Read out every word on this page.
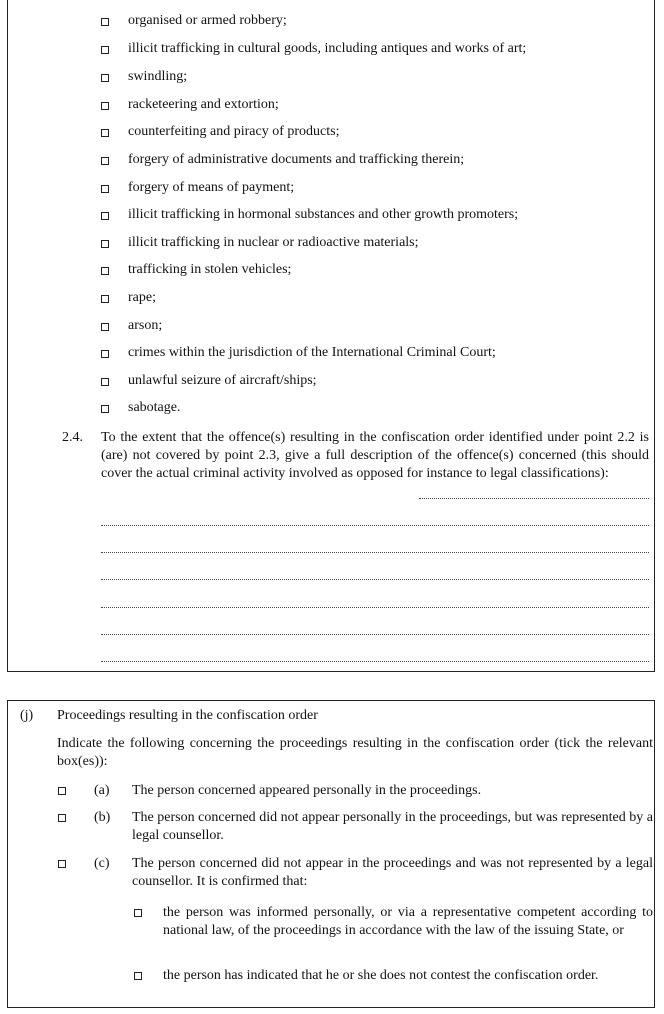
organised or armed robbery;
illicit trafficking in cultural goods, including antiques and works of art;
swindling;
racketeering and extortion;
counterfeiting and piracy of products;
forgery of administrative documents and trafficking therein;
forgery of means of payment;
illicit trafficking in hormonal substances and other growth promoters;
illicit trafficking in nuclear or radioactive materials;
trafficking in stolen vehicles;
rape;
arson;
crimes within the jurisdiction of the International Criminal Court;
unlawful seizure of aircraft/ships;
sabotage.
2.4. To the extent that the offence(s) resulting in the confiscation order identified under point 2.2 is (are) not covered by point 2.3, give a full description of the offence(s) concerned (this should cover the actual criminal activity involved as opposed for instance to legal classifications):
(j) Proceedings resulting in the confiscation order
Indicate the following concerning the proceedings resulting in the confiscation order (tick the relevant box(es)):
(a) The person concerned appeared personally in the proceedings.
(b) The person concerned did not appear personally in the proceedings, but was represented by a legal counsellor.
(c) The person concerned did not appear in the proceedings and was not represented by a legal counsellor. It is confirmed that:
the person was informed personally, or via a representative competent according to national law, of the proceedings in accordance with the law of the issuing State, or
the person has indicated that he or she does not contest the confiscation order.
